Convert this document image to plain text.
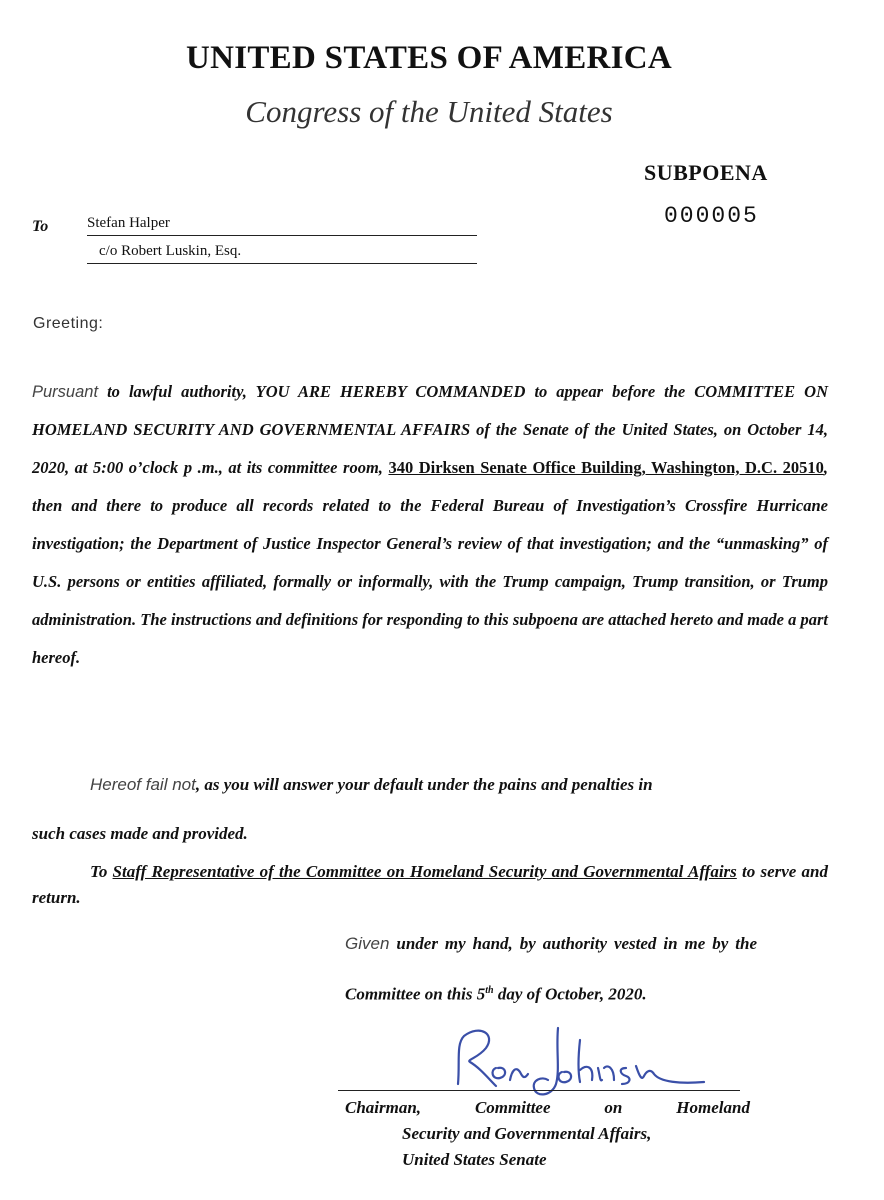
UNITED STATES OF AMERICA
Congress of the United States
SUBPOENA
000005
To	Stefan Halper
c/o Robert Luskin, Esq.
Greeting:
Pursuant to lawful authority, YOU ARE HEREBY COMMANDED to appear before the COMMITTEE ON HOMELAND SECURITY AND GOVERNMENTAL AFFAIRS of the Senate of the United States, on October 14, 2020, at 5:00 o’clock p .m., at its committee room, 340 Dirksen Senate Office Building, Washington, D.C. 20510, then and there to produce all records related to the Federal Bureau of Investigation’s Crossfire Hurricane investigation; the Department of Justice Inspector General’s review of that investigation; and the “unmasking” of U.S. persons or entities affiliated, formally or informally, with the Trump campaign, Trump transition, or Trump administration. The instructions and definitions for responding to this subpoena are attached hereto and made a part hereof.
Hereof fail not, as you will answer your default under the pains and penalties in
such cases made and provided.
To Staff Representative of the Committee on Homeland Security and Governmental Affairs to serve and return.
Given under my hand, by authority vested in me by the Committee on this 5th day of October, 2020.
Chairman,	Committee	on	Homeland
Security and Governmental Affairs,
United States Senate
